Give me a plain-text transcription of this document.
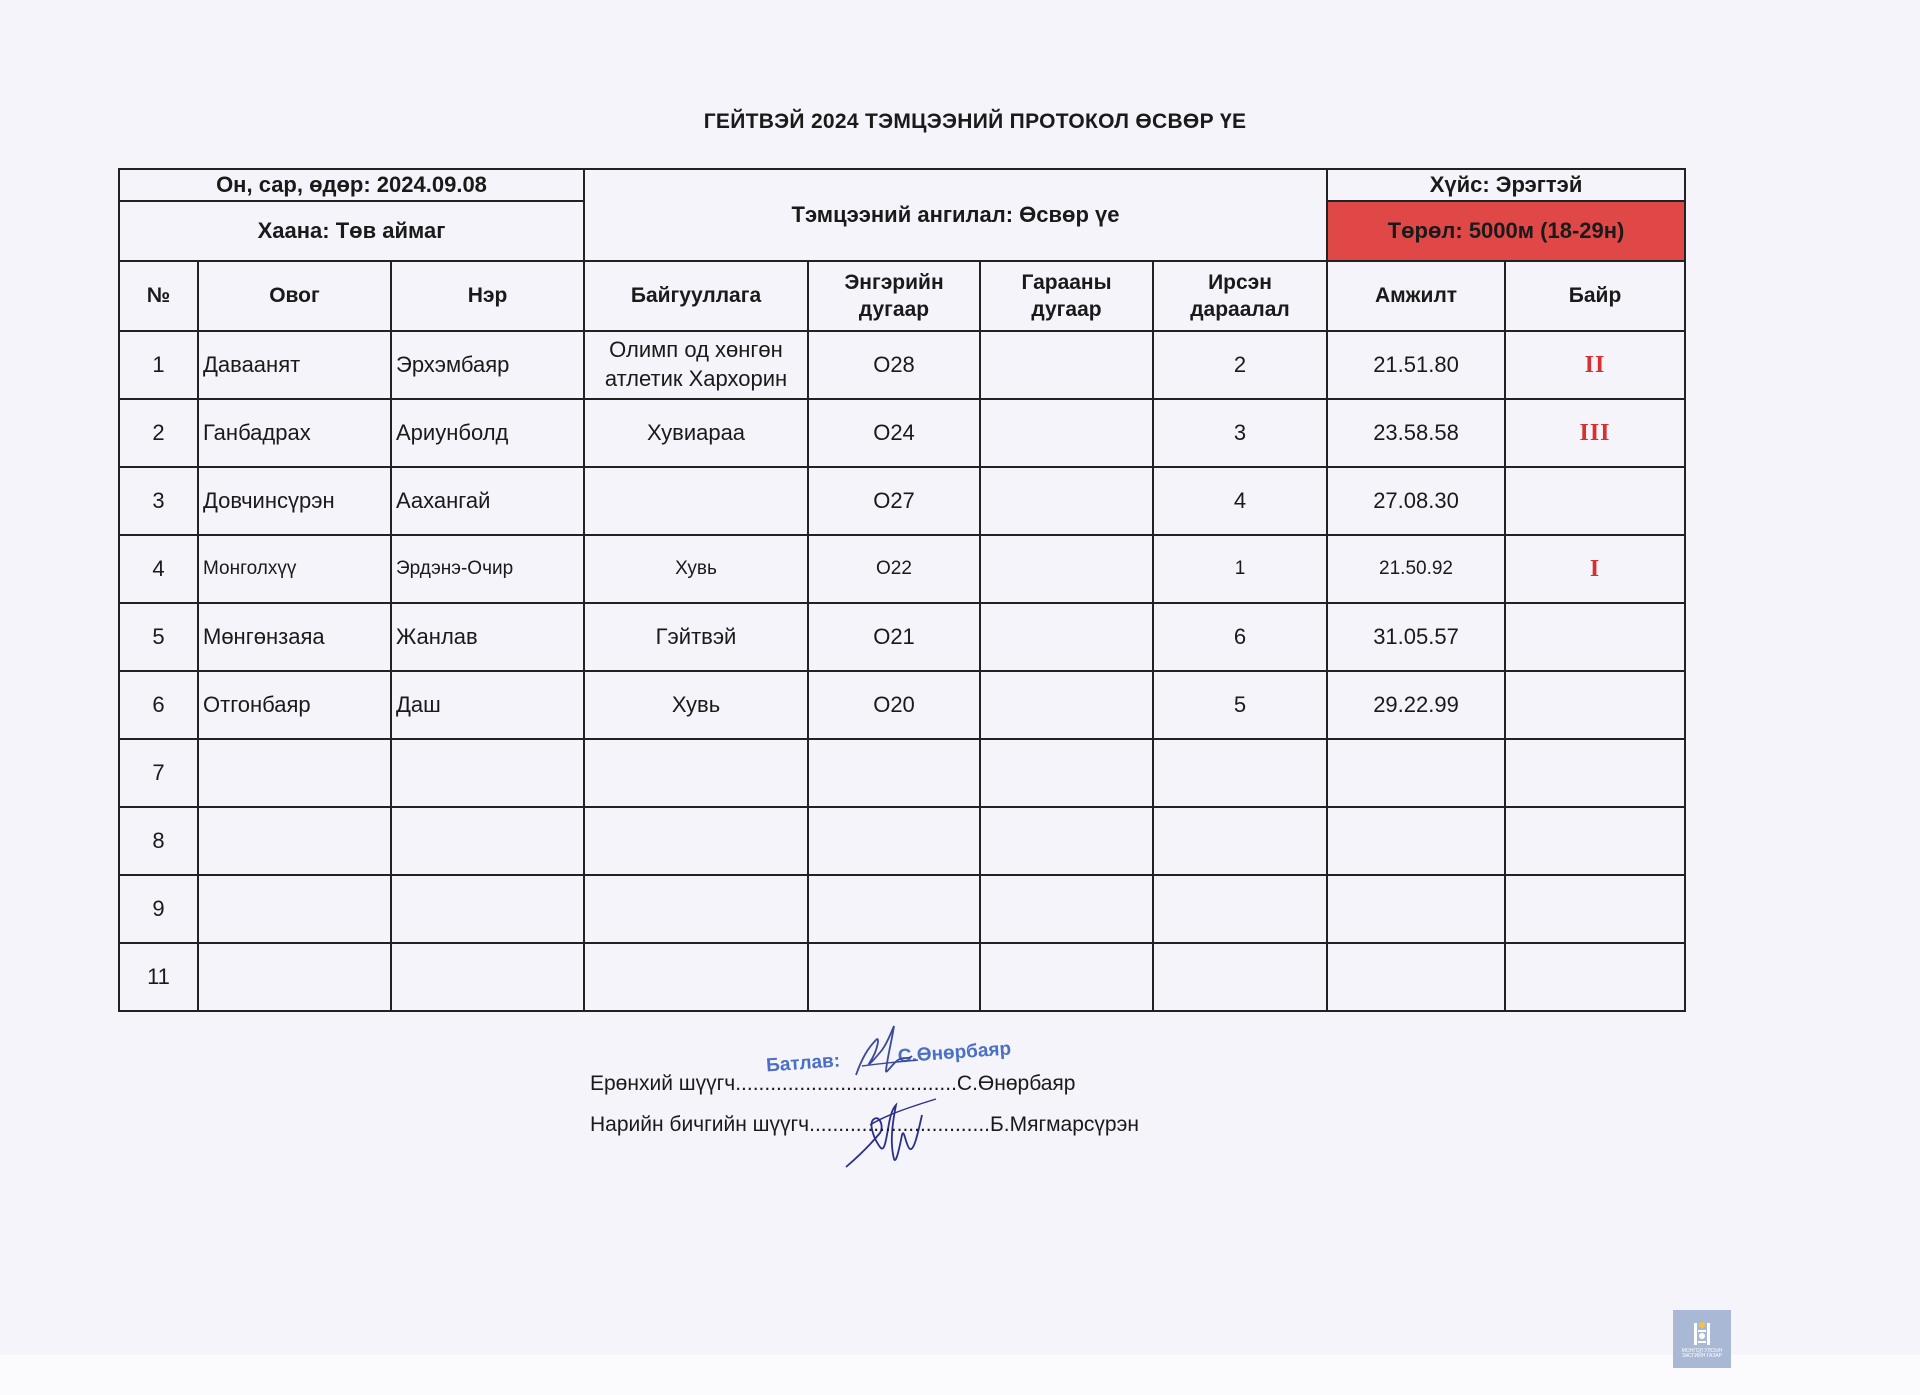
ГЕЙТВЭЙ 2024 ТЭМЦЭЭНИЙ ПРОТОКОЛ ӨСВӨР ҮЕ
Он, сар, өдөр: 2024.09.08			Тэмцээний ангилал: Өсвөр үе				Хүйс: Эрэгтэй	
Хаана: Төв аймаг							Төрөл: 5000м (18-29н)	
№	Овог	Нэр	Байгууллага	Энгэрийн
дугаар	Гарааны
дугаар	Ирсэн
дараалал	Амжилт	Байр
1	Даваанят	Эрхэмбаяр	Олимп од хөнгөн
атлетик Хархорин	О28		2	21.51.80	II
2	Ганбадрах	Ариунболд	Хувиараа	О24		3	23.58.58	III
3	Довчинсүрэн	Аахангай		О27		4	27.08.30	
4	Монголхүү	Эрдэнэ-Очир	Хувь	О22		1	21.50.92	I
5	Мөнгөнзаяа	Жанлав	Гэйтвэй	О21		6	31.05.57	
6	Отгонбаяр	Даш	Хувь	О20		5	29.22.99	
7								
8								
9								
11								
Батлав:	С.Өнөрбаяр
Ерөнхий шүүгч......................................С.Өнөрбаяр
Нарийн бичгийн шүүгч...............................Б.Мягмарсүрэн
МОНГОЛ УЛСЫН
ЗАСГИЙН ГАЗАР
